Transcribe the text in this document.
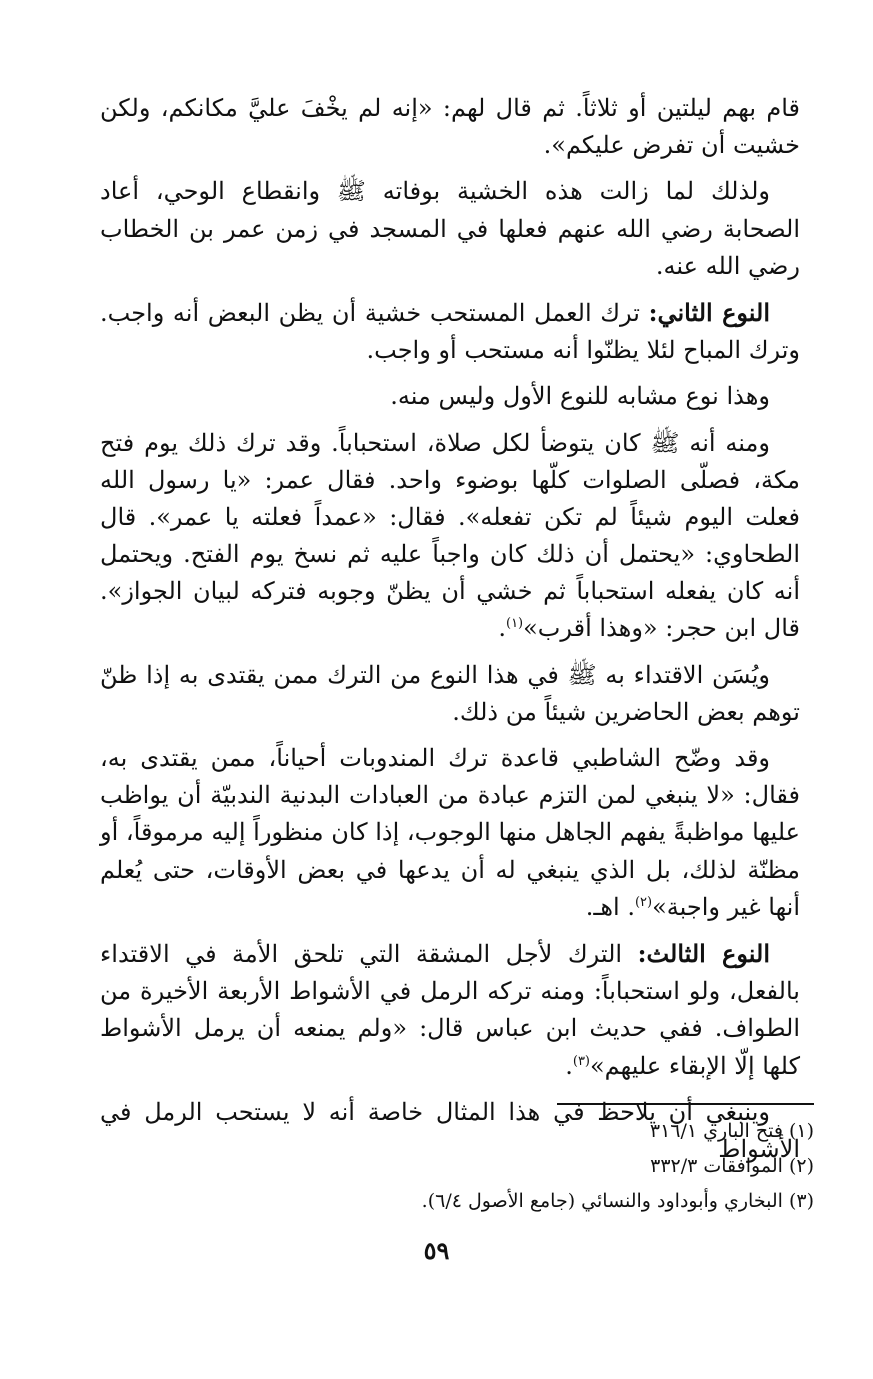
قام بهم ليلتين أو ثلاثاً. ثم قال لهم: «إنه لم يخْفَ عليَّ مكانكم، ولكن خشيت أن تفرض عليكم».

ولذلك لما زالت هذه الخشية بوفاته ﷺ وانقطاع الوحي، أعاد الصحابة رضي الله عنهم فعلها في المسجد في زمن عمر بن الخطاب رضي الله عنه.

النوع الثاني: ترك العمل المستحب خشية أن يظن البعض أنه واجب. وترك المباح لئلا يظنّوا أنه مستحب أو واجب.

وهذا نوع مشابه للنوع الأول وليس منه.

ومنه أنه ﷺ كان يتوضأ لكل صلاة، استحباباً. وقد ترك ذلك يوم فتح مكة، فصلّى الصلوات كلّها بوضوء واحد. فقال عمر: «يا رسول الله فعلت اليوم شيئاً لم تكن تفعله». فقال: «عمداً فعلته يا عمر». قال الطحاوي: «يحتمل أن ذلك كان واجباً عليه ثم نسخ يوم الفتح. ويحتمل أنه كان يفعله استحباباً ثم خشي أن يظنّ وجوبه فتركه لبيان الجواز». قال ابن حجر: «وهذا أقرب»$^{(١)}$.

ويُسَن الاقتداء به ﷺ في هذا النوع من الترك ممن يقتدى به إذا ظنّ توهم بعض الحاضرين شيئاً من ذلك.

وقد وضّح الشاطبي قاعدة ترك المندوبات أحياناً، ممن يقتدى به، فقال: «لا ينبغي لمن التزم عبادة من العبادات البدنية الندبيّة أن يواظب عليها مواظبةً يفهم الجاهل منها الوجوب، إذا كان منظوراً إليه مرموقاً، أو مظنّة لذلك، بل الذي ينبغي له أن يدعها في بعض الأوقات، حتى يُعلم أنها غير واجبة»$^{(٢)}$. اهـ.

النوع الثالث: الترك لأجل المشقة التي تلحق الأمة في الاقتداء بالفعل، ولو استحباباً: ومنه تركه الرمل في الأشواط الأربعة الأخيرة من الطواف. ففي حديث ابن عباس قال: «ولم يمنعه أن يرمل الأشواط كلها إلّا الإبقاء عليهم»$^{(٣)}$.

وينبغي أن يلاحظ في هذا المثال خاصة أنه لا يستحب الرمل في الأشواط

(١) فتح الباري ٣١٦/١
(٢) الموافقات ٣٣٢/٣
(٣) البخاري وأبوداود والنسائي (جامع الأصول ٦/٤).
٥٩
